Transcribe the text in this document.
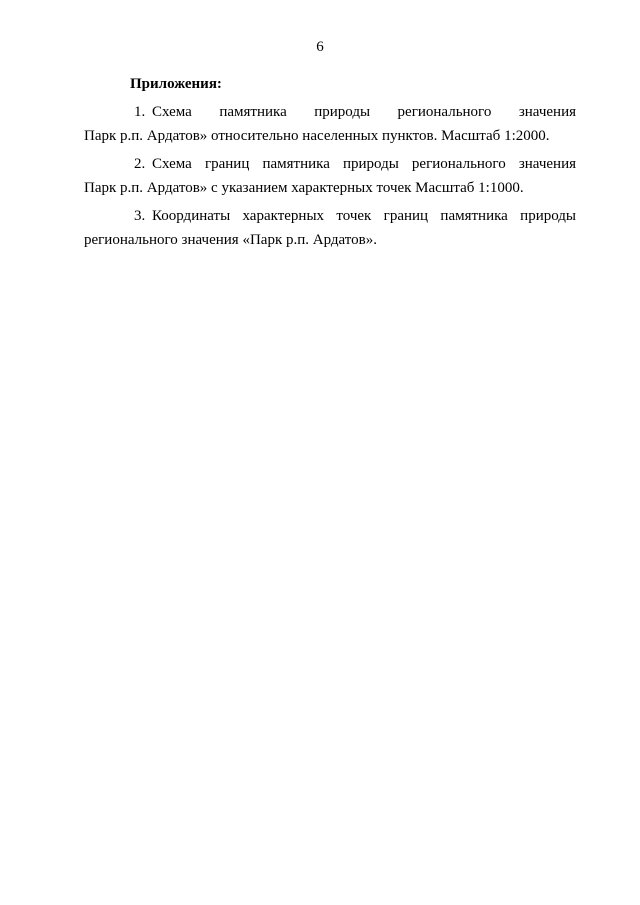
6
Приложения:
1. Схема памятника природы регионального значения
Парк р.п. Ардатов» относительно населенных пунктов. Масштаб 1:2000.
2. Схема границ памятника природы регионального значения
Парк р.п. Ардатов» с указанием характерных точек Масштаб 1:1000.
3. Координаты характерных точек границ памятника природы
регионального значения «Парк р.п. Ардатов».
